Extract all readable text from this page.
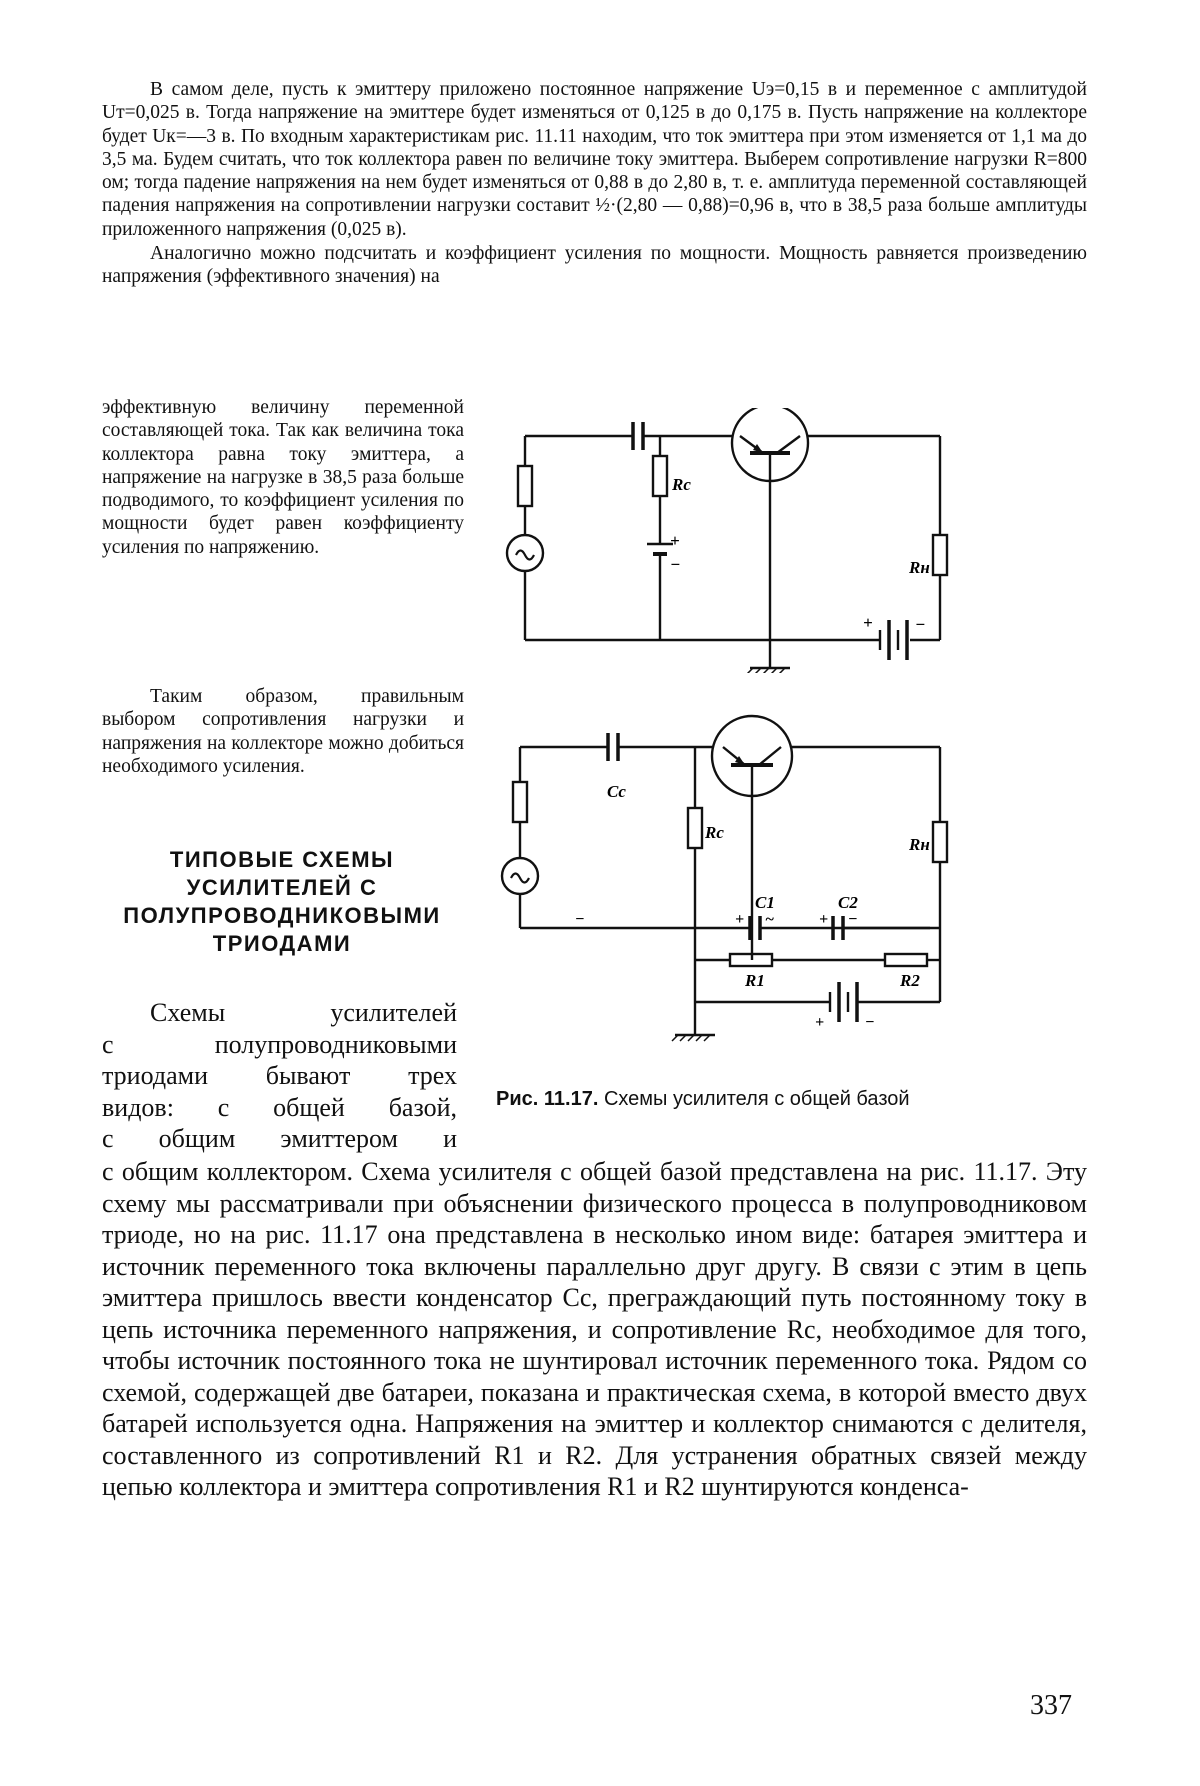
В самом деле, пусть к эмиттеру приложено постоянное напряжение Uэ=0,15 в и переменное с амплитудой Uт=0,025 в. Тогда напряжение на эмиттере будет изменяться от 0,125 в до 0,175 в. Пусть напряжение на коллекторе будет Uк=—3 в. По входным характеристикам рис. 11.11 находим, что ток эмиттера при этом изменяется от 1,1 ма до 3,5 ма. Будем считать, что ток коллектора равен по величине току эмиттера. Выберем сопротивление нагрузки R=800 ом; тогда падение напряжения на нем будет изменяться от 0,88 в до 2,80 в, т. е. амплитуда переменной составляющей падения напряжения на сопротивлении нагрузки составит ½·(2,80 — 0,88)=0,96 в, что в 38,5 раза больше амплитуды приложенного напряжения (0,025 в).

Аналогично можно подсчитать и коэффициент усиления по мощности. Мощность равняется произведению напряжения (эффективного значения) на

эффективную величину переменной составляющей тока. Так как величина тока коллектора равна току эмиттера, а напряжение на нагрузке в 38,5 раза больше подводимого, то коэффициент усиления по мощности будет равен коэффициенту усиления по напряжению.

Таким образом, правильным выбором сопротивления нагрузки и напряжения на коллекторе можно добиться необходимого усиления.

ТИПОВЫЕ СХЕМЫ УСИЛИТЕЛЕЙ С ПОЛУПРОВОДНИКОВЫМИ ТРИОДАМИ
Схемы усилителей
с полупроводниковыми
триодами бывают трех
видов: с общей базой,
с общим эмиттером и

с общим коллектором. Схема усилителя с общей базой представлена на рис. 11.17. Эту схему мы рассматривали при объяснении физического процесса в полупроводниковом триоде, но на рис. 11.17 она представлена в несколько ином виде: батарея эмиттера и источник переменного тока включены параллельно друг другу. В связи с этим в цепь эмиттера пришлось ввести конденсатор Cс, преграждающий путь постоянному току в цепь источника переменного напряжения, и сопротивление Rс, необходимое для того, чтобы источник постоянного тока не шунтировал источник переменного тока. Рядом со схемой, содержащей две батареи, показана и практическая схема, в которой вместо двух батарей используется одна. Напряжения на эмиттер и коллектор снимаются с делителя, составленного из сопротивлений R1 и R2. Для устранения обратных связей между цепью коллектора и эмиттера сопротивления R1 и R2 шунтируются конденса-

Rс
Rн
+
−
+ −
Cс
Rс
Rн
C1	C2
R1	R2
−	+ ~	+ −
+	−

Рис. 11.17. Схемы усилителя с общей базой

337
